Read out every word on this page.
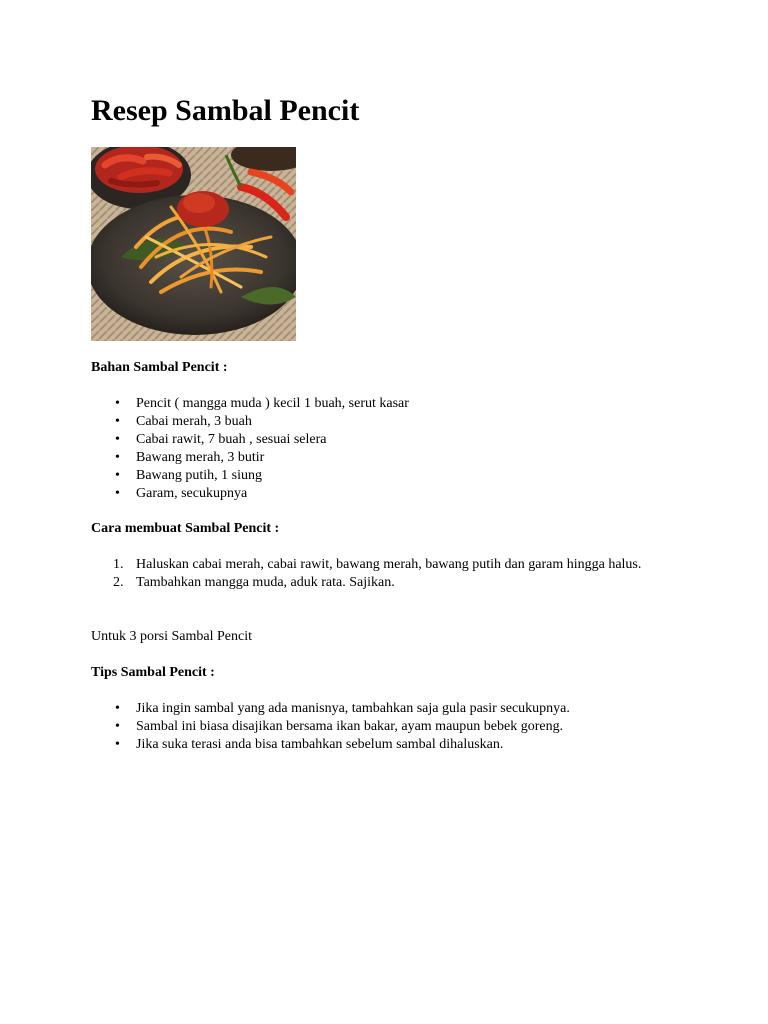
Resep Sambal Pencit

Bahan Sambal Pencit :

• Pencit ( mangga muda ) kecil 1 buah, serut kasar
• Cabai merah, 3 buah
• Cabai rawit, 7 buah , sesuai selera
• Bawang merah, 3 butir
• Bawang putih, 1 siung
• Garam, secukupnya

Cara membuat Sambal Pencit :

1. Haluskan cabai merah, cabai rawit, bawang merah, bawang putih dan garam hingga halus.
2. Tambahkan mangga muda, aduk rata. Sajikan.

Untuk 3 porsi Sambal Pencit

Tips Sambal Pencit :

• Jika ingin sambal yang ada manisnya, tambahkan saja gula pasir secukupnya.
• Sambal ini biasa disajikan bersama ikan bakar, ayam maupun bebek goreng.
• Jika suka terasi anda bisa tambahkan sebelum sambal dihaluskan.
